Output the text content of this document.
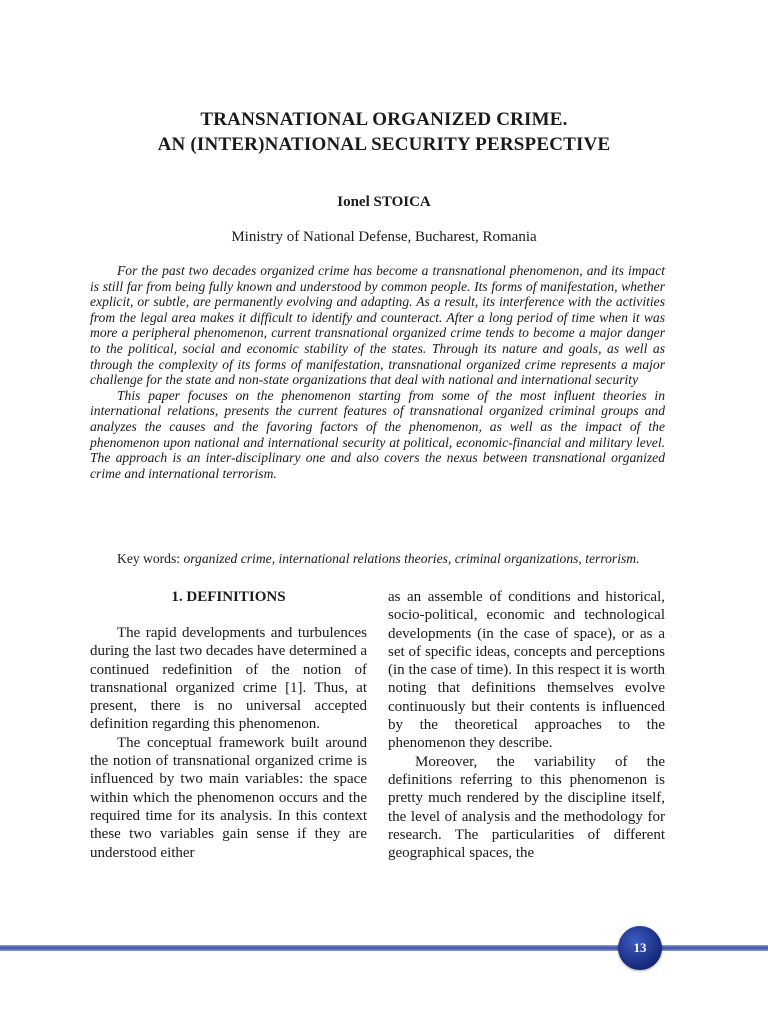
TRANSNATIONAL ORGANIZED CRIME.
AN (INTER)NATIONAL SECURITY PERSPECTIVE
Ionel STOICA
Ministry of National Defense, Bucharest, Romania

For the past two decades organized crime has become a transnational phenomenon, and its impact is still far from being fully known and understood by common people. Its forms of manifestation, whether explicit, or subtle, are permanently evolving and adapting. As a result, its interference with the activities from the legal area makes it difficult to identify and counteract. After a long period of time when it was more a peripheral phenomenon, current transnational organized crime tends to become a major danger to the political, social and economic stability of the states. Through its nature and goals, as well as through the complexity of its forms of manifestation, transnational organized crime represents a major challenge for the state and non-state organizations that deal with national and international security

This paper focuses on the phenomenon starting from some of the most influent theories in international relations, presents the current features of transnational organized criminal groups and analyzes the causes and the favoring factors of the phenomenon, as well as the impact of the phenomenon upon national and international security at political, economic-financial and military level. The approach is an inter-disciplinary one and also covers the nexus between transnational organized crime and international terrorism.

Key words: organized crime, international relations theories, criminal organizations, terrorism.

1. DEFINITIONS

The rapid developments and turbulences during the last two decades have determined a continued redefinition of the notion of transnational organized crime [1]. Thus, at present, there is no universal accepted definition regarding this phenomenon.

The conceptual framework built around the notion of transnational organized crime is influenced by two main variables: the space within which the phenomenon occurs and the required time for its analysis. In this context these two variables gain sense if they are understood either

as an assemble of conditions and historical, socio-political, economic and technological developments (in the case of space), or as a set of specific ideas, concepts and perceptions (in the case of time). In this respect it is worth noting that definitions themselves evolve continuously but their contents is influenced by the theoretical approaches to the phenomenon they describe.

Moreover, the variability of the definitions referring to this phenomenon is pretty much rendered by the discipline itself, the level of analysis and the methodology for research. The particularities of different geographical spaces, the

13
